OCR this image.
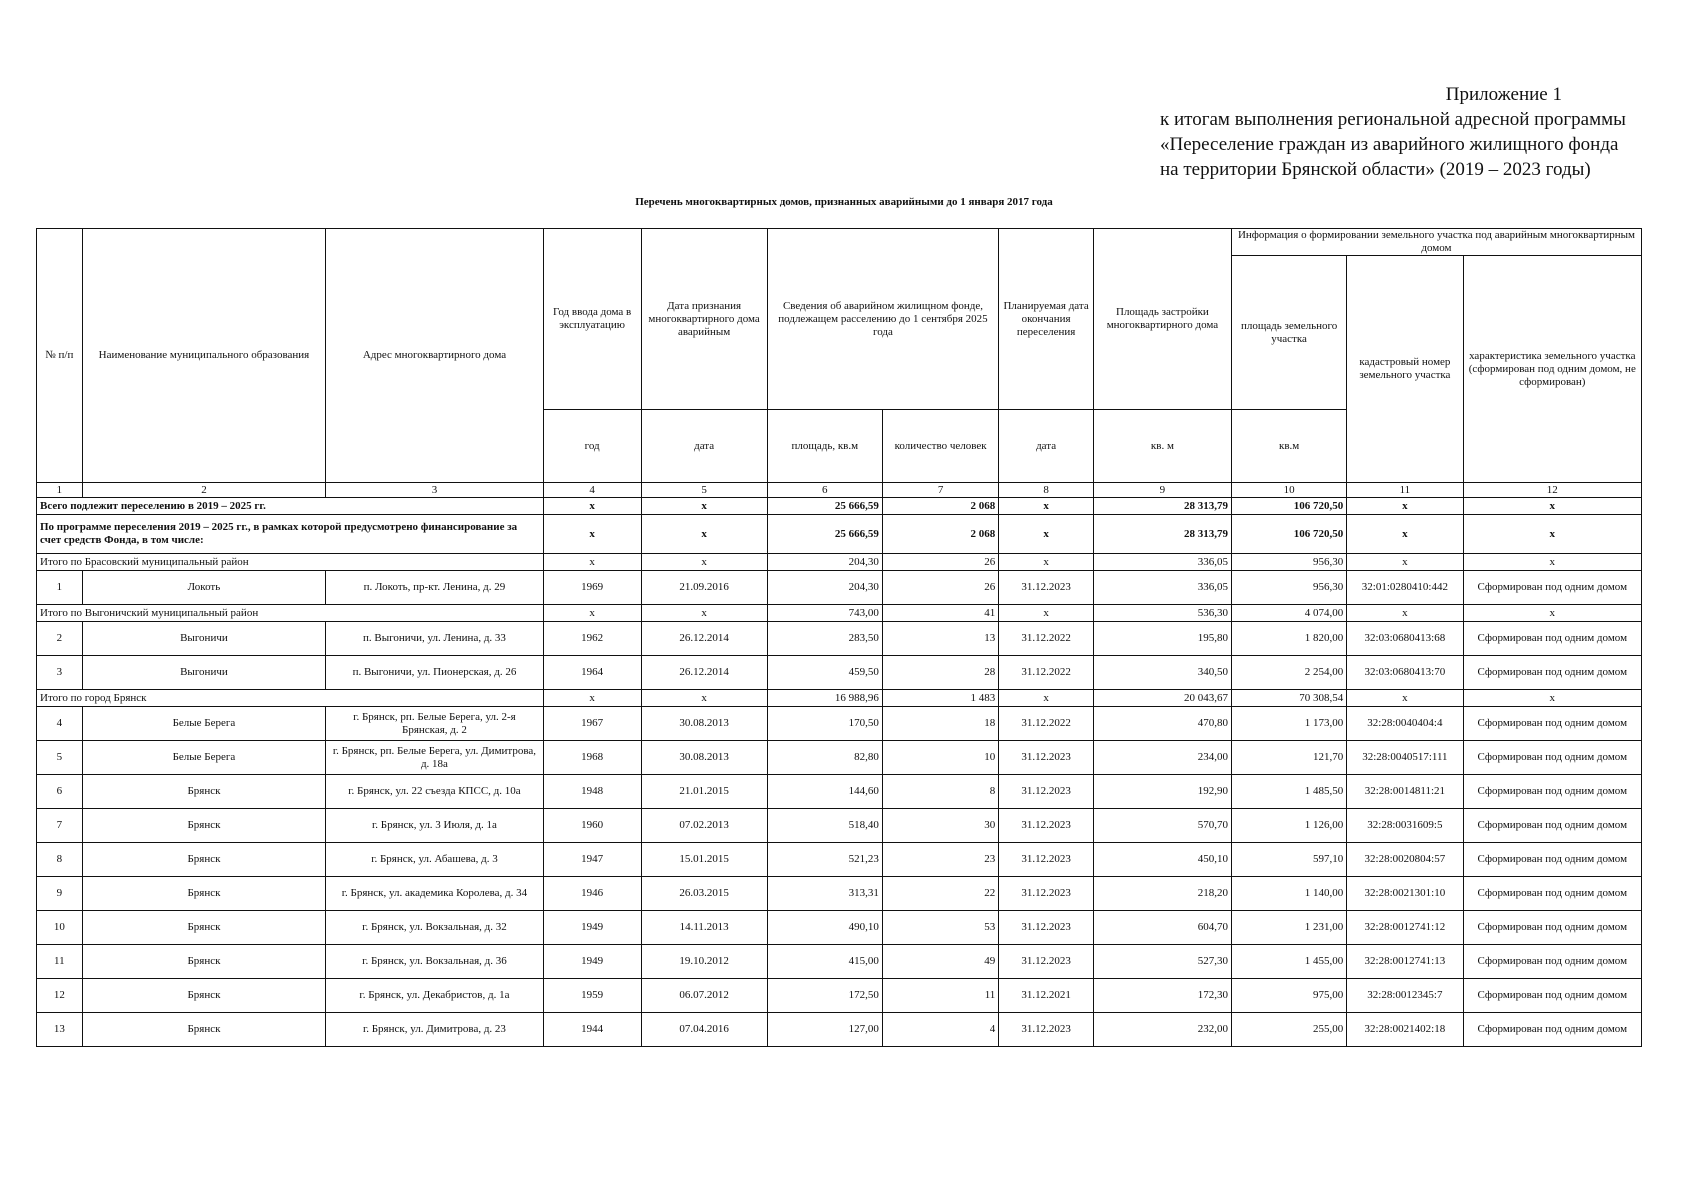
Приложение 1
к итогам выполнения региональной адресной программы
«Переселение граждан из аварийного жилищного фонда
на территории Брянской области» (2019 – 2023 годы)
Перечень многоквартирных домов, признанных аварийными до 1 января 2017 года
№ п/п	Наименование муниципального образования	Адрес многоквартирного дома	Год ввода дома в эксплуатацию	Дата признания многоквартирного дома аварийным	Сведения об аварийном жилищном фонде, подлежащем расселению до 1 сентября 2025 года		Планируемая дата окончания переселения	Площадь застройки многоквартирного дома	Информация о формировании земельного участка под аварийным многоквартирным домом		
									площадь земельного участка	кадастровый номер земельного участка	характеристика земельного участка (сформирован под одним домом, не сформирован)
			год	дата	площадь, кв.м	количество человек	дата	кв. м	кв.м		
1	2	3	4	5	6	7	8	9	10	11	12
Всего подлежит переселению в 2019 – 2025 гг.			x	x	25 666,59	2 068	x	28 313,79	106 720,50	x	x
По программе переселения 2019 – 2025 гг., в рамках которой предусмотрено финансирование за счет средств Фонда, в том числе:			x	x	25 666,59	2 068	x	28 313,79	106 720,50	x	x
Итого по Брасовский муниципальный район			x	x	204,30	26	x	336,05	956,30	x	x
1	Локоть	п. Локоть, пр-кт. Ленина, д. 29	1969	21.09.2016	204,30	26	31.12.2023	336,05	956,30	32:01:0280410:442	Сформирован под одним домом
Итого по Выгоничский муниципальный район			x	x	743,00	41	x	536,30	4 074,00	x	x
2	Выгоничи	п. Выгоничи, ул. Ленина, д. 33	1962	26.12.2014	283,50	13	31.12.2022	195,80	1 820,00	32:03:0680413:68	Сформирован под одним домом
3	Выгоничи	п. Выгоничи, ул. Пионерская, д. 26	1964	26.12.2014	459,50	28	31.12.2022	340,50	2 254,00	32:03:0680413:70	Сформирован под одним домом
Итого по город Брянск			x	x	16 988,96	1 483	x	20 043,67	70 308,54	x	x
4	Белые Берега	г. Брянск, рп. Белые Берега, ул. 2-я Брянская, д. 2	1967	30.08.2013	170,50	18	31.12.2022	470,80	1 173,00	32:28:0040404:4	Сформирован под одним домом
5	Белые Берега	г. Брянск, рп. Белые Берега, ул. Димитрова, д. 18а	1968	30.08.2013	82,80	10	31.12.2023	234,00	121,70	32:28:0040517:111	Сформирован под одним домом
6	Брянск	г. Брянск, ул. 22 съезда КПСС, д. 10а	1948	21.01.2015	144,60	8	31.12.2023	192,90	1 485,50	32:28:0014811:21	Сформирован под одним домом
7	Брянск	г. Брянск, ул. 3 Июля, д. 1а	1960	07.02.2013	518,40	30	31.12.2023	570,70	1 126,00	32:28:0031609:5	Сформирован под одним домом
8	Брянск	г. Брянск, ул. Абашева, д. 3	1947	15.01.2015	521,23	23	31.12.2023	450,10	597,10	32:28:0020804:57	Сформирован под одним домом
9	Брянск	г. Брянск, ул. академика Королева, д. 34	1946	26.03.2015	313,31	22	31.12.2023	218,20	1 140,00	32:28:0021301:10	Сформирован под одним домом
10	Брянск	г. Брянск, ул. Вокзальная, д. 32	1949	14.11.2013	490,10	53	31.12.2023	604,70	1 231,00	32:28:0012741:12	Сформирован под одним домом
11	Брянск	г. Брянск, ул. Вокзальная, д. 36	1949	19.10.2012	415,00	49	31.12.2023	527,30	1 455,00	32:28:0012741:13	Сформирован под одним домом
12	Брянск	г. Брянск, ул. Декабристов, д. 1а	1959	06.07.2012	172,50	11	31.12.2021	172,30	975,00	32:28:0012345:7	Сформирован под одним домом
13	Брянск	г. Брянск, ул. Димитрова, д. 23	1944	07.04.2016	127,00	4	31.12.2023	232,00	255,00	32:28:0021402:18	Сформирован под одним домом
